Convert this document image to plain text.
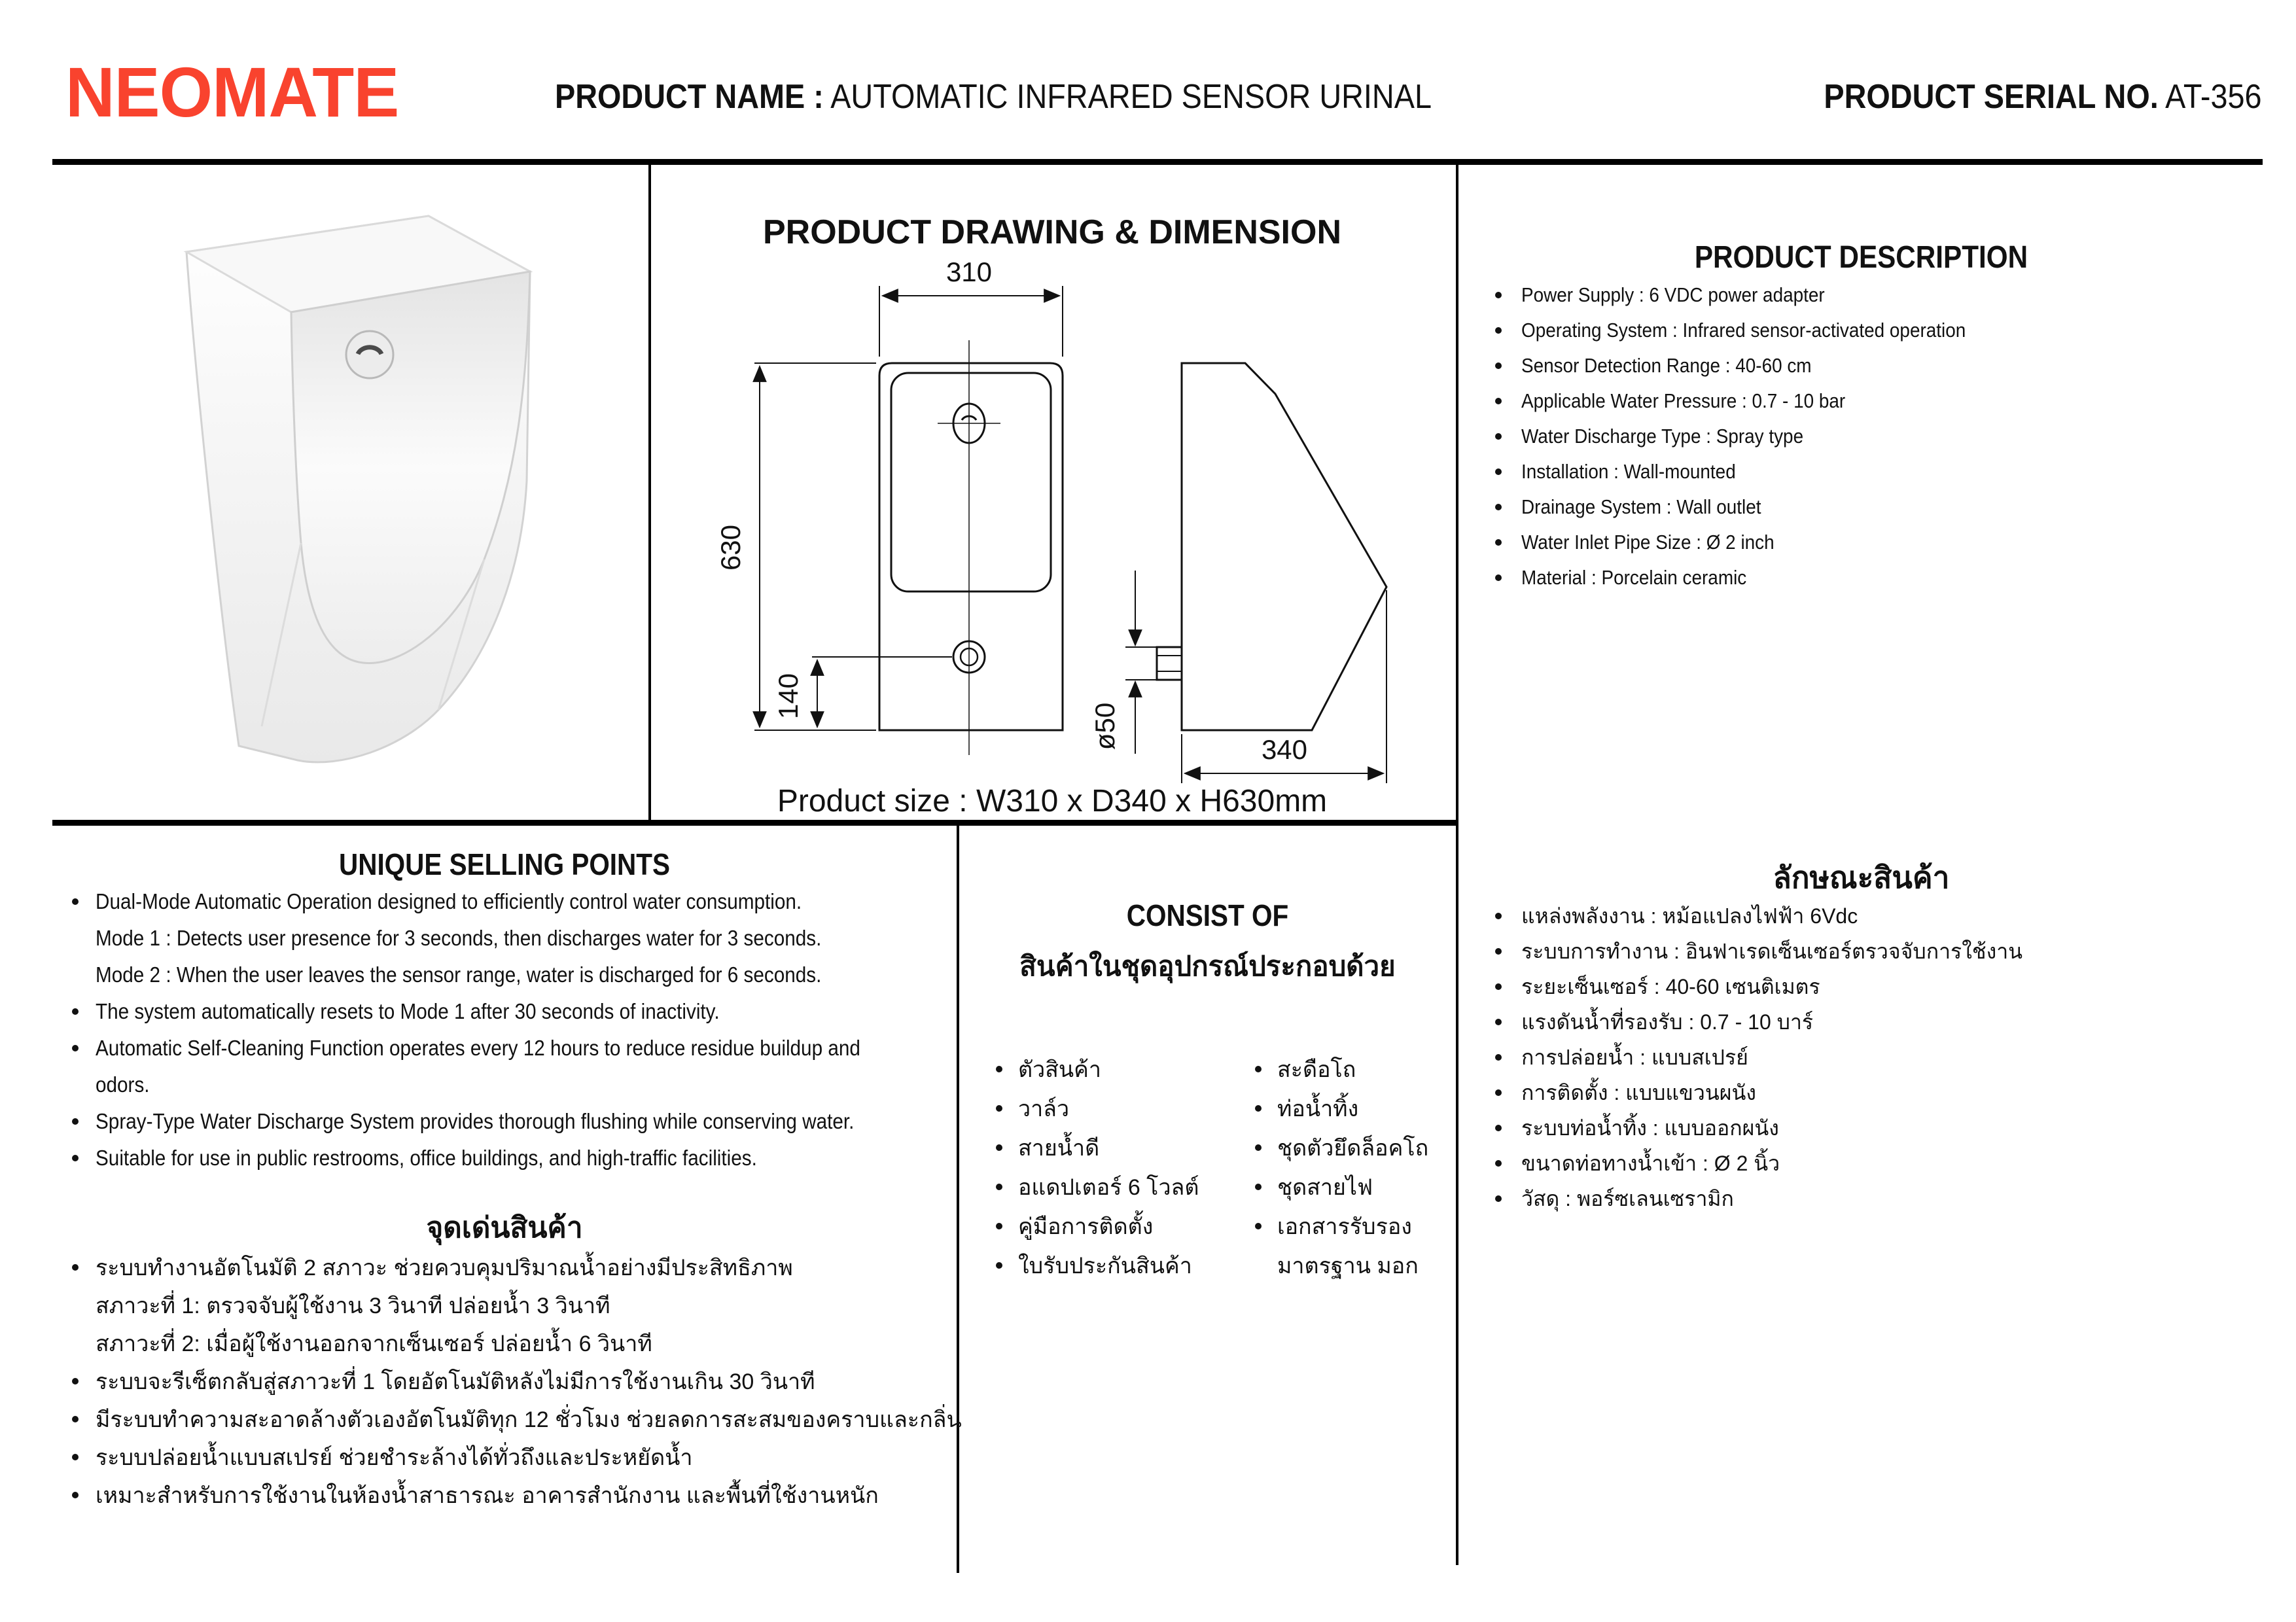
NEOMATE	PRODUCT NAME : AUTOMATIC INFRARED SENSOR URINAL	PRODUCT SERIAL NO. AT-356
PRODUCT DRAWING & DIMENSION
310
630
140
ø50	340
Product size : W310 x D340 x H630mm
PRODUCT DESCRIPTION
Power Supply : 6 VDC power adapter
Operating System : Infrared sensor-activated operation
Sensor Detection Range : 40-60 cm
Applicable Water Pressure : 0.7 - 10 bar
Water Discharge Type : Spray type
Installation : Wall-mounted
Drainage System : Wall outlet
Water Inlet Pipe Size : Ø 2 inch
Material : Porcelain ceramic
ลักษณะสินค้า
แหล่งพลังงาน : หม้อแปลงไฟฟ้า 6Vdc
ระบบการทำงาน : อินฟาเรดเซ็นเซอร์ตรวจจับการใช้งาน
ระยะเซ็นเซอร์ : 40-60 เซนติเมตร
แรงดันน้ำที่รองรับ : 0.7 - 10 บาร์
การปล่อยน้ำ : แบบสเปรย์
การติดตั้ง : แบบแขวนผนัง
ระบบท่อน้ำทิ้ง : แบบออกผนัง
ขนาดท่อทางน้ำเข้า : Ø 2 นิ้ว
วัสดุ : พอร์ซเลนเซรามิก
UNIQUE SELLING POINTS
Dual-Mode Automatic Operation designed to efficiently control water consumption.
Mode 1 : Detects user presence for 3 seconds, then discharges water for 3 seconds.
Mode 2 : When the user leaves the sensor range, water is discharged for 6 seconds.
The system automatically resets to Mode 1 after 30 seconds of inactivity.
Automatic Self-Cleaning Function operates every 12 hours to reduce residue buildup and
odors.
Spray-Type Water Discharge System provides thorough flushing while conserving water.
Suitable for use in public restrooms, office buildings, and high-traffic facilities.
จุดเด่นสินค้า
ระบบทำงานอัตโนมัติ 2 สภาวะ ช่วยควบคุมปริมาณน้ำอย่างมีประสิทธิภาพ
สภาวะที่ 1: ตรวจจับผู้ใช้งาน 3 วินาที ปล่อยน้ำ 3 วินาที
สภาวะที่ 2: เมื่อผู้ใช้งานออกจากเซ็นเซอร์ ปล่อยน้ำ 6 วินาที
ระบบจะรีเซ็ตกลับสู่สภาวะที่ 1 โดยอัตโนมัติหลังไม่มีการใช้งานเกิน 30 วินาที
มีระบบทำความสะอาดล้างตัวเองอัตโนมัติทุก 12 ชั่วโมง ช่วยลดการสะสมของคราบและกลิ่น
ระบบปล่อยน้ำแบบสเปรย์ ช่วยชำระล้างได้ทั่วถึงและประหยัดน้ำ
เหมาะสำหรับการใช้งานในห้องน้ำสาธารณะ อาคารสำนักงาน และพื้นที่ใช้งานหนัก
CONSIST OF
สินค้าในชุดอุปกรณ์ประกอบด้วย
ตัวสินค้า
วาล์ว
สายน้ำดี
อแดปเตอร์ 6 โวลต์
คู่มือการติดตั้ง
ใบรับประกันสินค้า
สะดือโถ
ท่อน้ำทิ้ง
ชุดตัวยึดล็อคโถ
ชุดสายไฟ
เอกสารรับรอง
มาตรฐาน มอก
